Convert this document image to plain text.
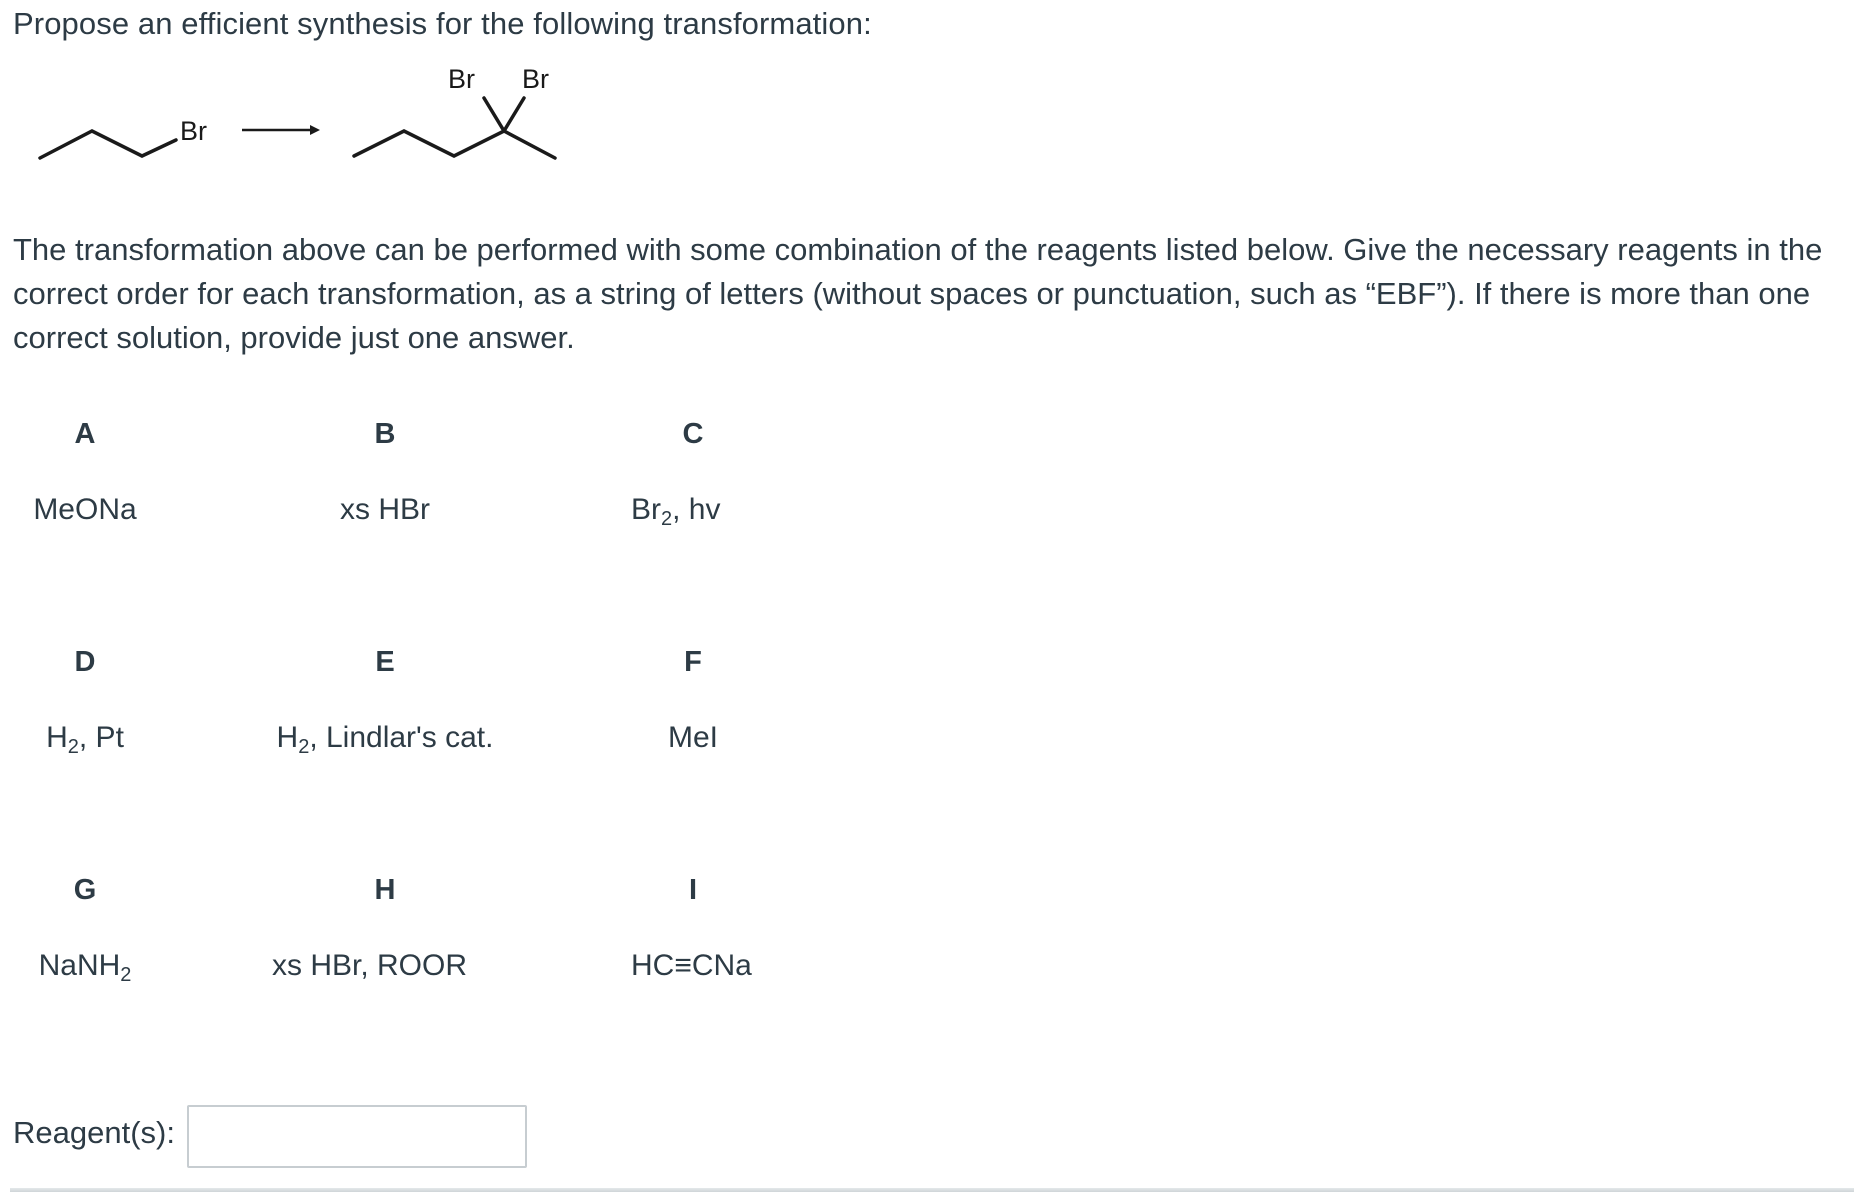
Propose an efficient synthesis for the following transformation:
Br
Br Br
The transformation above can be performed with some combination of the reagents listed below. Give the necessary reagents in the correct order for each transformation, as a string of letters (without spaces or punctuation, such as “EBF”). If there is more than one correct solution, provide just one answer.
A
MeONa
B
xs HBr
C
$Br_2$, hv
D
$H_2$, Pt
E
$H_2$, Lindlar's cat.
F
MeI
G
NaNH$_2$
H
xs HBr, ROOR
I
HC≡CNa
Reagent(s):
